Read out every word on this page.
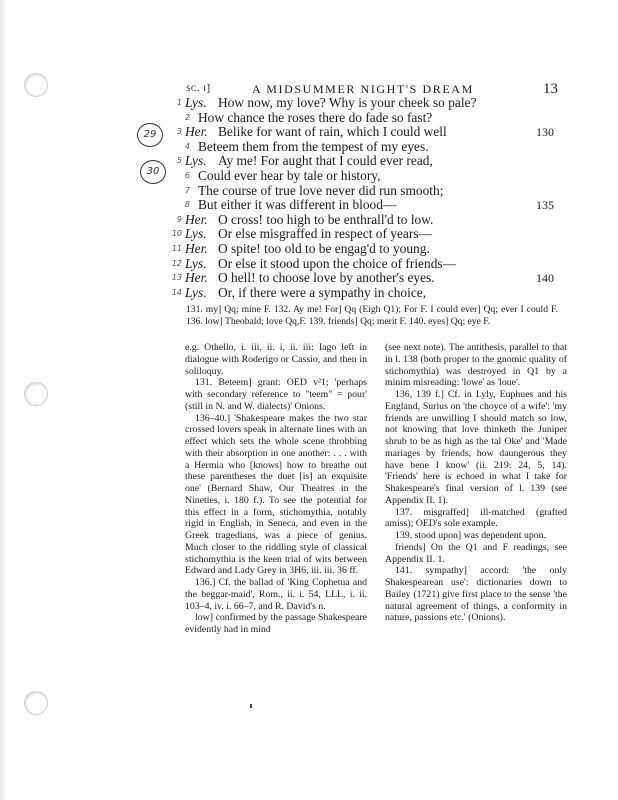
sc. i]	A MIDSUMMER NIGHT'S DREAM	13
29
30
1 Lys. How now, my love? Why is your cheek so pale?
2 How chance the roses there do fade so fast?
3 Her. Belike for want of rain, which I could well	130
4 Beteem them from the tempest of my eyes.
5 Lys. Ay me! For aught that I could ever read,
6 Could ever hear by tale or history,
7 The course of true love never did run smooth;
8 But either it was different in blood—	135
9 Her. O cross! too high to be enthrall'd to low.
10 Lys. Or else misgraffed in respect of years—
11 Her. O spite! too old to be engag'd to young.
12 Lys. Or else it stood upon the choice of friends—
13 Her. O hell! to choose love by another's eyes.	140
14 Lys. Or, if there were a sympathy in choice,
131. my] Qq; mine F. 132. Ay me! For] Qq (Eigh Q1); For F. I could ever] Qq; ever I could F. 136. low] Theobald; love Qq,F. 139. friends] Qq; merit F. 140. eyes] Qq; eye F.

e.g. Othello, i. iii, ii. i, ii. iii: Iago left in dialogue with Roderigo or Cassio, and then in soliloquy.

131. Beteem] grant: OED v²1; 'perhaps with secondary reference to "teem" = pour' (still in N. and W. dialects)' Onions.

136–40.] 'Shakespeare makes the two star crossed lovers speak in alternate lines with an effect which sets the whole scene throbbing with their absorption in one another: . . . with a Hermia who [knows] how to breathe out these parentheses the duet [is] an exquisite one' (Bernard Shaw, Our Theatres in the Nineties, i. 180 f.). To see the potential for this effect in a form, stichomythia, notably rigid in English, in Seneca, and even in the Greek tragedians, was a piece of genius. Much closer to the riddling style of classical stichomythia is the keen trial of wits between Edward and Lady Grey in 3H6, iii. iii. 36 ff.

136.] Cf. the ballad of 'King Cophetua and the beggar-maid', Rom., ii. i. 54, LLL, i. ii. 103–4, iv. i. 66–7, and R. David's n.

low] confirmed by the passage Shakespeare evidently had in mind

(see next note). The antithesis, parallel to that in l. 138 (both proper to the gnomic quality of stichomythia) was destroyed in Q1 by a minim misreading: 'lowe' as 'loue'.

136, 139 f.] Cf. in Lyly, Euphues and his England, Surius on 'the choyce of a wife': 'my friends are unwilling I should match so low, not knowing that love thinketh the Juniper shrub to be as high as the tal Oke' and 'Made mariages by friends, how daungerous they have bene I know' (ii. 219: 24, 5, 14). 'Friends' here is echoed in what I take for Shakespeare's final version of l. 139 (see Appendix II. 1).

137. misgraffed] ill-matched (grafted amiss); OED's sole example.

139. stood upon] was dependent upon.

friends] On the Q1 and F readings, see Appendix II. 1.

141. sympathy] accord: 'the only Shakespearean use': dictionaries down to Bailey (1721) give first place to the sense 'the natural agreement of things, a conformity in nature, passions etc.' (Onions).
